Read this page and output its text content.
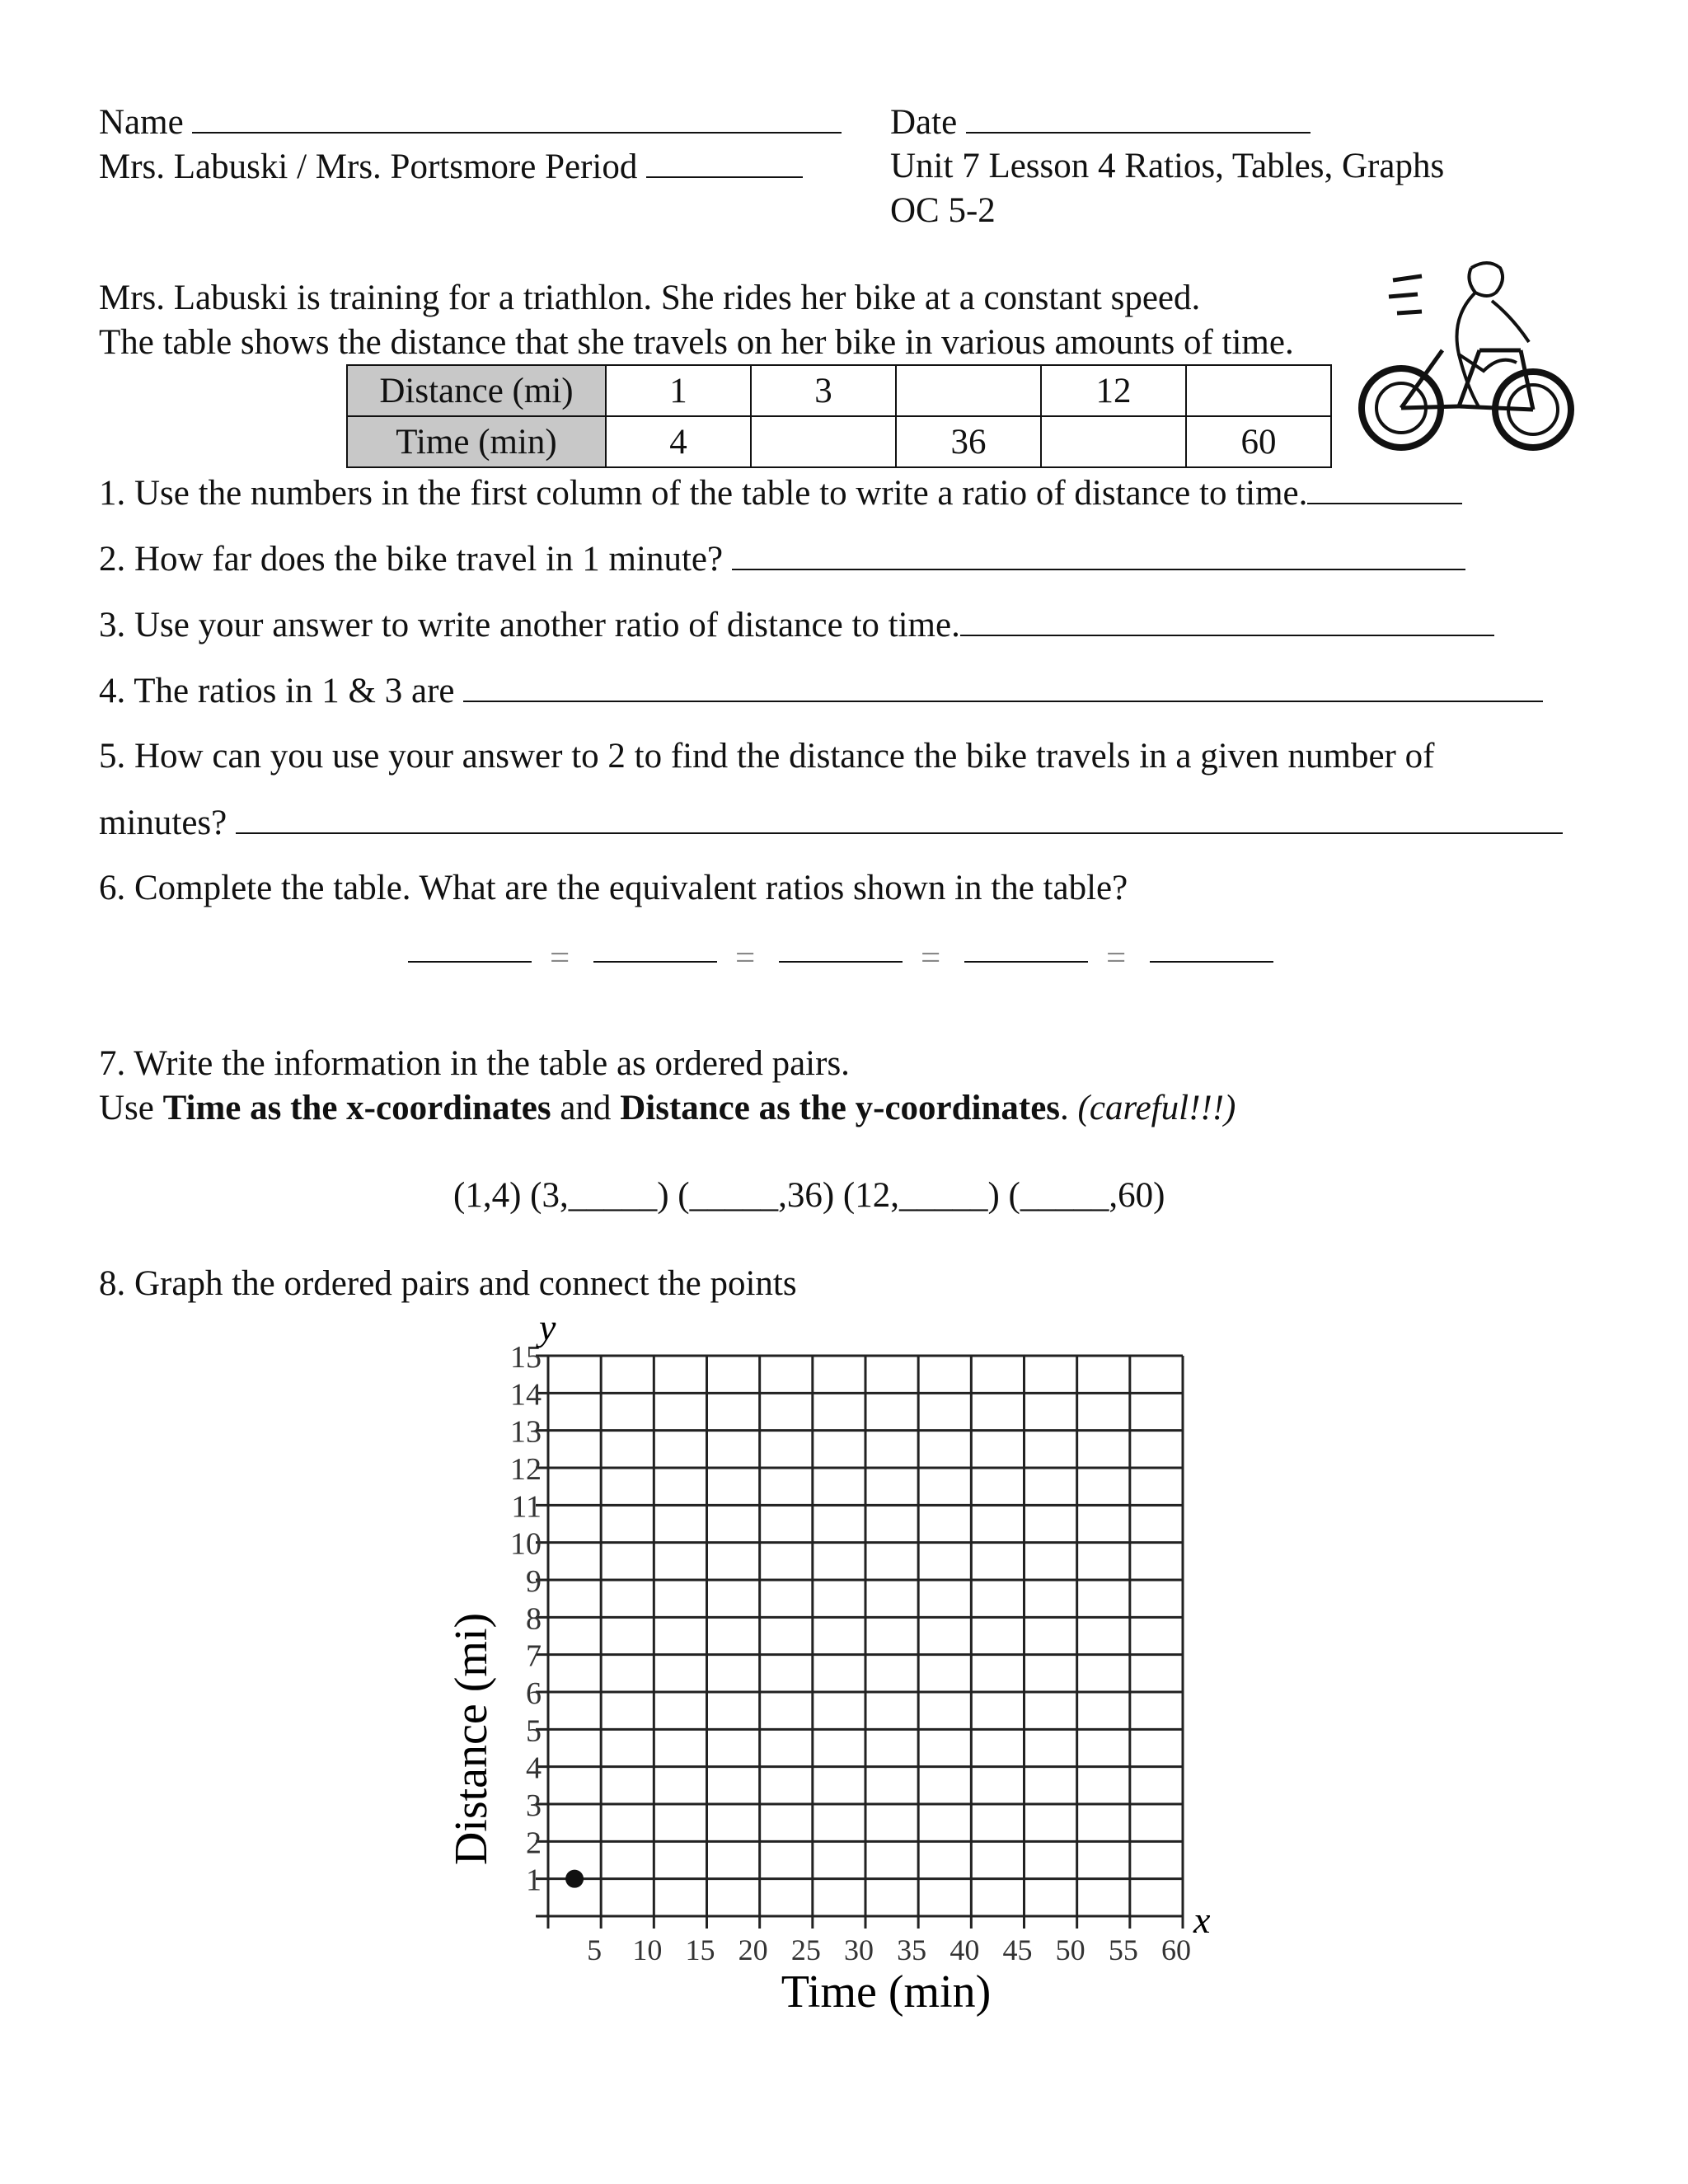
Name
Mrs. Labuski / Mrs. Portsmore Period
Date
Unit 7 Lesson 4 Ratios, Tables, Graphs
OC 5-2
Mrs. Labuski is training for a triathlon. She rides her bike at a constant speed.
The table shows the distance that she travels on her bike in various amounts of time.
Distance (mi)	1	3		12	
Time (min)	4		36		60
1. Use the numbers in the first column of the table to write a ratio of distance to time.
2. How far does the bike travel in 1 minute?
3. Use your answer to write another ratio of distance to time.
4. The ratios in 1 & 3 are
5. How can you use your answer to 2 to find the distance the bike travels in a given number of
minutes?
6. Complete the table. What are the equivalent ratios shown in the table?
=	=	=	=
7. Write the information in the table as ordered pairs.
Use Time as the x-coordinates and Distance as the y-coordinates. (careful!!!)
(1,4) (3,_____) (_____,36) (12,_____) (_____,60)
8. Graph the ordered pairs and connect the points
1
2
3
4
5
6
7
8
9
10
11
12
13
14
15
5 10 15 20 25 30 35 40 45 50 55 60
Distance (mi)
Time (min)
y
x
